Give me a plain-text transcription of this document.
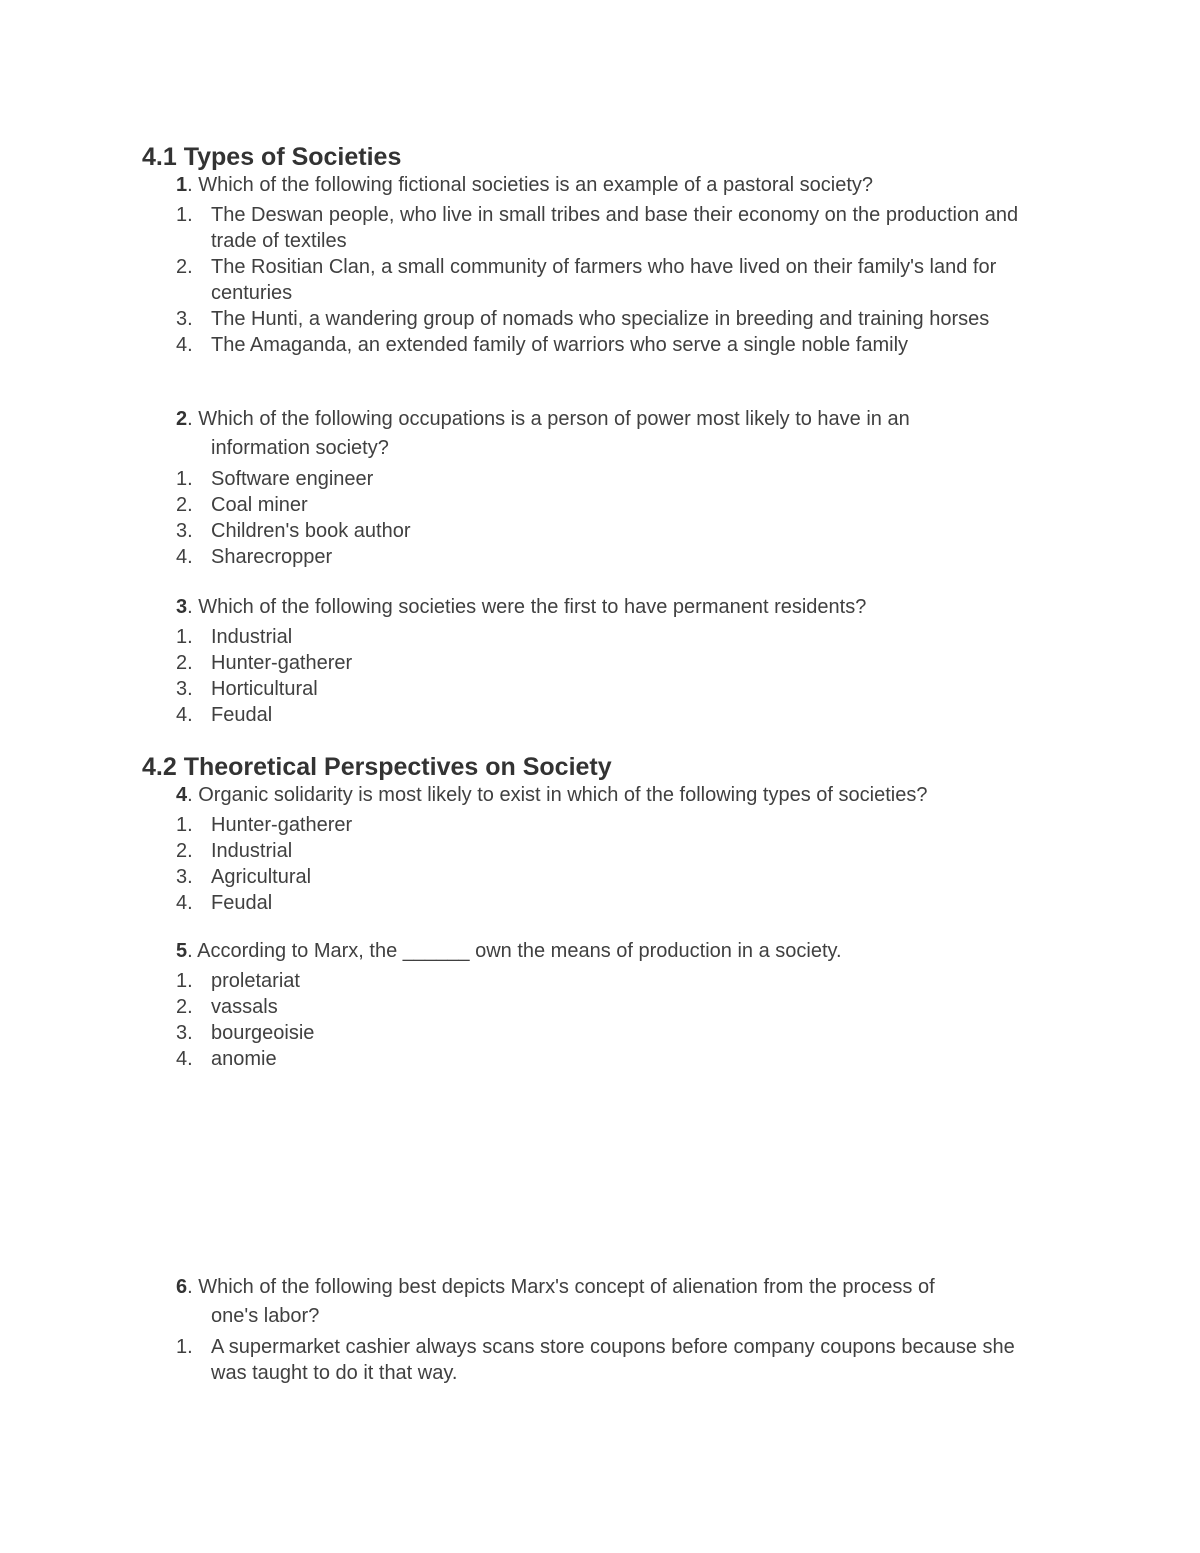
4.1 Types of Societies
1. Which of the following fictional societies is an example of a pastoral society?
1. The Deswan people, who live in small tribes and base their economy on the production and trade of textiles
2. The Rositian Clan, a small community of farmers who have lived on their family's land for centuries
3. The Hunti, a wandering group of nomads who specialize in breeding and training horses
4. The Amaganda, an extended family of warriors who serve a single noble family
2. Which of the following occupations is a person of power most likely to have in an
information society?
1. Software engineer
2. Coal miner
3. Children's book author
4. Sharecropper
3. Which of the following societies were the first to have permanent residents?
1. Industrial
2. Hunter-gatherer
3. Horticultural
4. Feudal
4.2 Theoretical Perspectives on Society
4. Organic solidarity is most likely to exist in which of the following types of societies?
1. Hunter-gatherer
2. Industrial
3. Agricultural
4. Feudal
5. According to Marx, the ______ own the means of production in a society.
1. proletariat
2. vassals
3. bourgeoisie
4. anomie
6. Which of the following best depicts Marx's concept of alienation from the process of
one's labor?
1. A supermarket cashier always scans store coupons before company coupons because she was taught to do it that way.
